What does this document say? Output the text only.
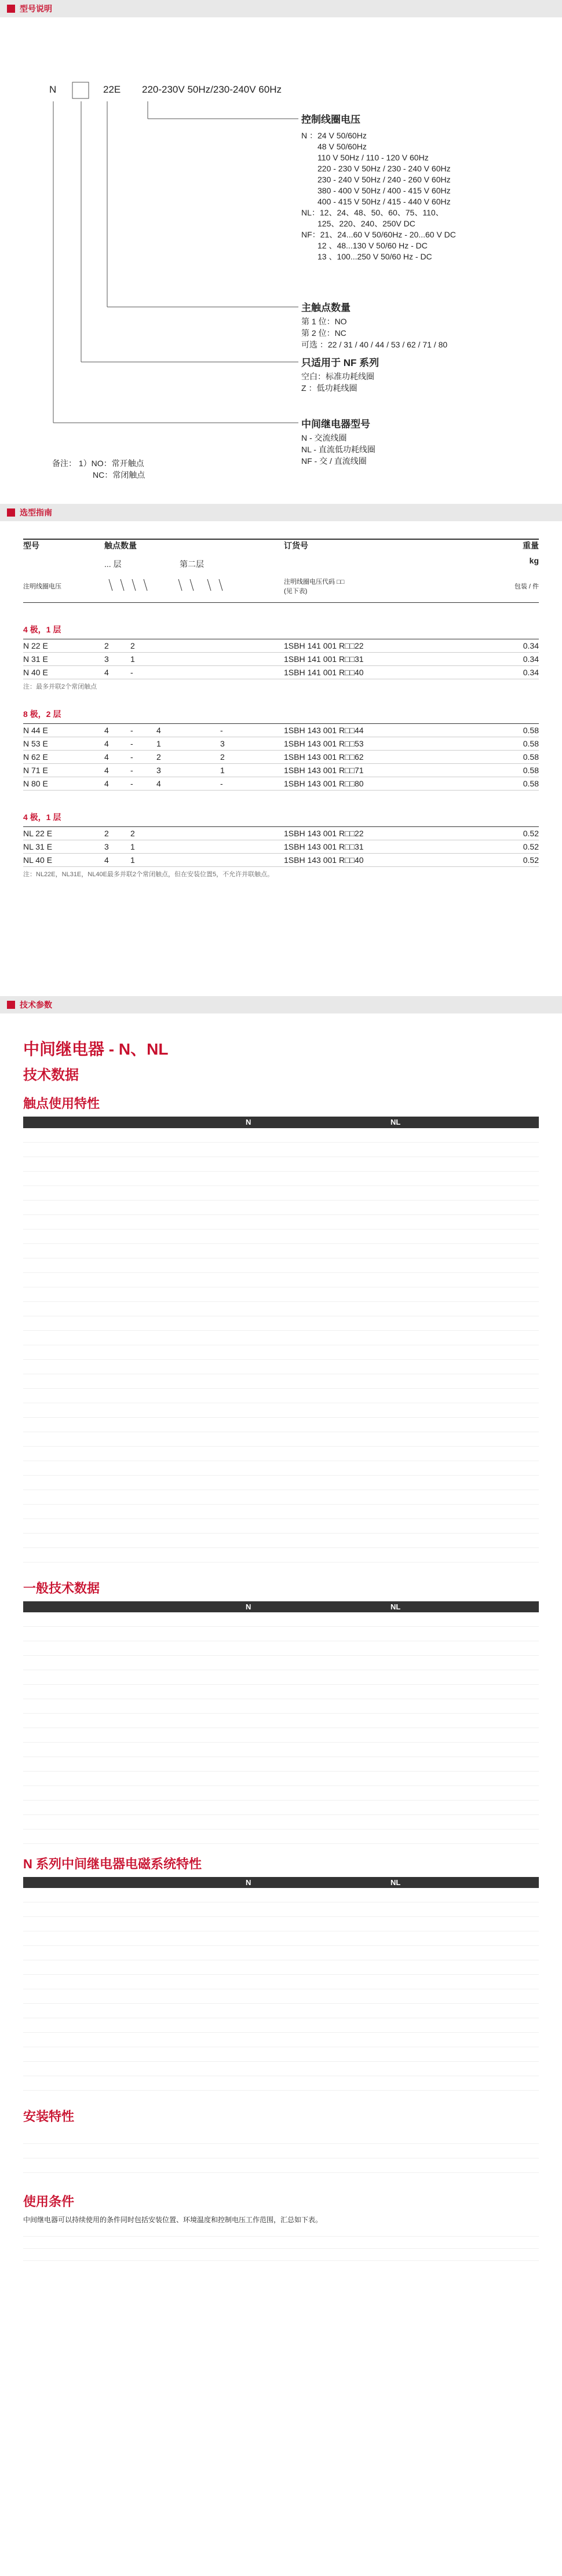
型号说明
N	22E 220-230V 50Hz/230-240V 60Hz
控制线圈电压
N ：24 V 50/60Hz
48 V 50/60Hz
110 V 50Hz / 110 - 120 V 60Hz
220 - 230 V 50Hz / 230 - 240 V 60Hz
230 - 240 V 50Hz / 240 - 260 V 60Hz
380 - 400 V 50Hz / 400 - 415 V 60Hz
400 - 415 V 50Hz / 415 - 440 V 60Hz
NL：12、24、48、50、60、75、110、
125、220、240、250V DC
NF：21、24...60 V 50/60Hz - 20...60 V DC
12 、48...130 V 50/60 Hz - DC
13 、100...250 V 50/60 Hz - DC
主触点数量
第 1 位：NO
第 2 位：NC
可选 ：22 / 31 / 40 / 44 / 53 / 62 / 71 / 80
只适用于 NF 系列
空白：标准功耗线圈
Z ：低功耗线圈
中间继电器型号
N - 交流线圈
NL - 直流低功耗线圈
NF - 交 / 直流线圈
备注： 1）NO：常开触点
NC：常闭触点
选型指南
型号	触点数量		订货号	重量
	... 层	第二层		kg
注明线圈电压			注明线圈电压代码 □□
(见下表)	包装 / 件
4 极，1 层
N 22 E	2	2			1SBH 141 001 R□□22	0.34
N 31 E	3	1			1SBH 141 001 R□□31	0.34
N 40 E	4	-			1SBH 141 001 R□□40	0.34
注：最多并联2个常闭触点
8 极，2 层
N 44 E	4	-	4	-	1SBH 143 001 R□□44	0.58
N 53 E	4	-	1	3	1SBH 143 001 R□□53	0.58
N 62 E	4	-	2	2	1SBH 143 001 R□□62	0.58
N 71 E	4	-	3	1	1SBH 143 001 R□□71	0.58
N 80 E	4	-	4	-	1SBH 143 001 R□□80	0.58
4 极，1 层
NL 22 E	2	2			1SBH 143 001 R□□22	0.52
NL 31 E	3	1			1SBH 143 001 R□□31	0.52
NL 40 E	4	1			1SBH 143 001 R□□40	0.52
注：NL22E，NL31E，NL40E最多并联2个常闭触点，但在安装位置5，不允许并联触点。
技术参数
中间继电器 - N、NL
技术数据
触点使用特性
	N	NL

一般技术数据
	N	NL

N 系列中间继电器电磁系统特性
	N	NL

安装特性
使用条件
中间继电器可以持续使用的条件同时包括安装位置、环境温度和控制电压工作范围，汇总如下表。
